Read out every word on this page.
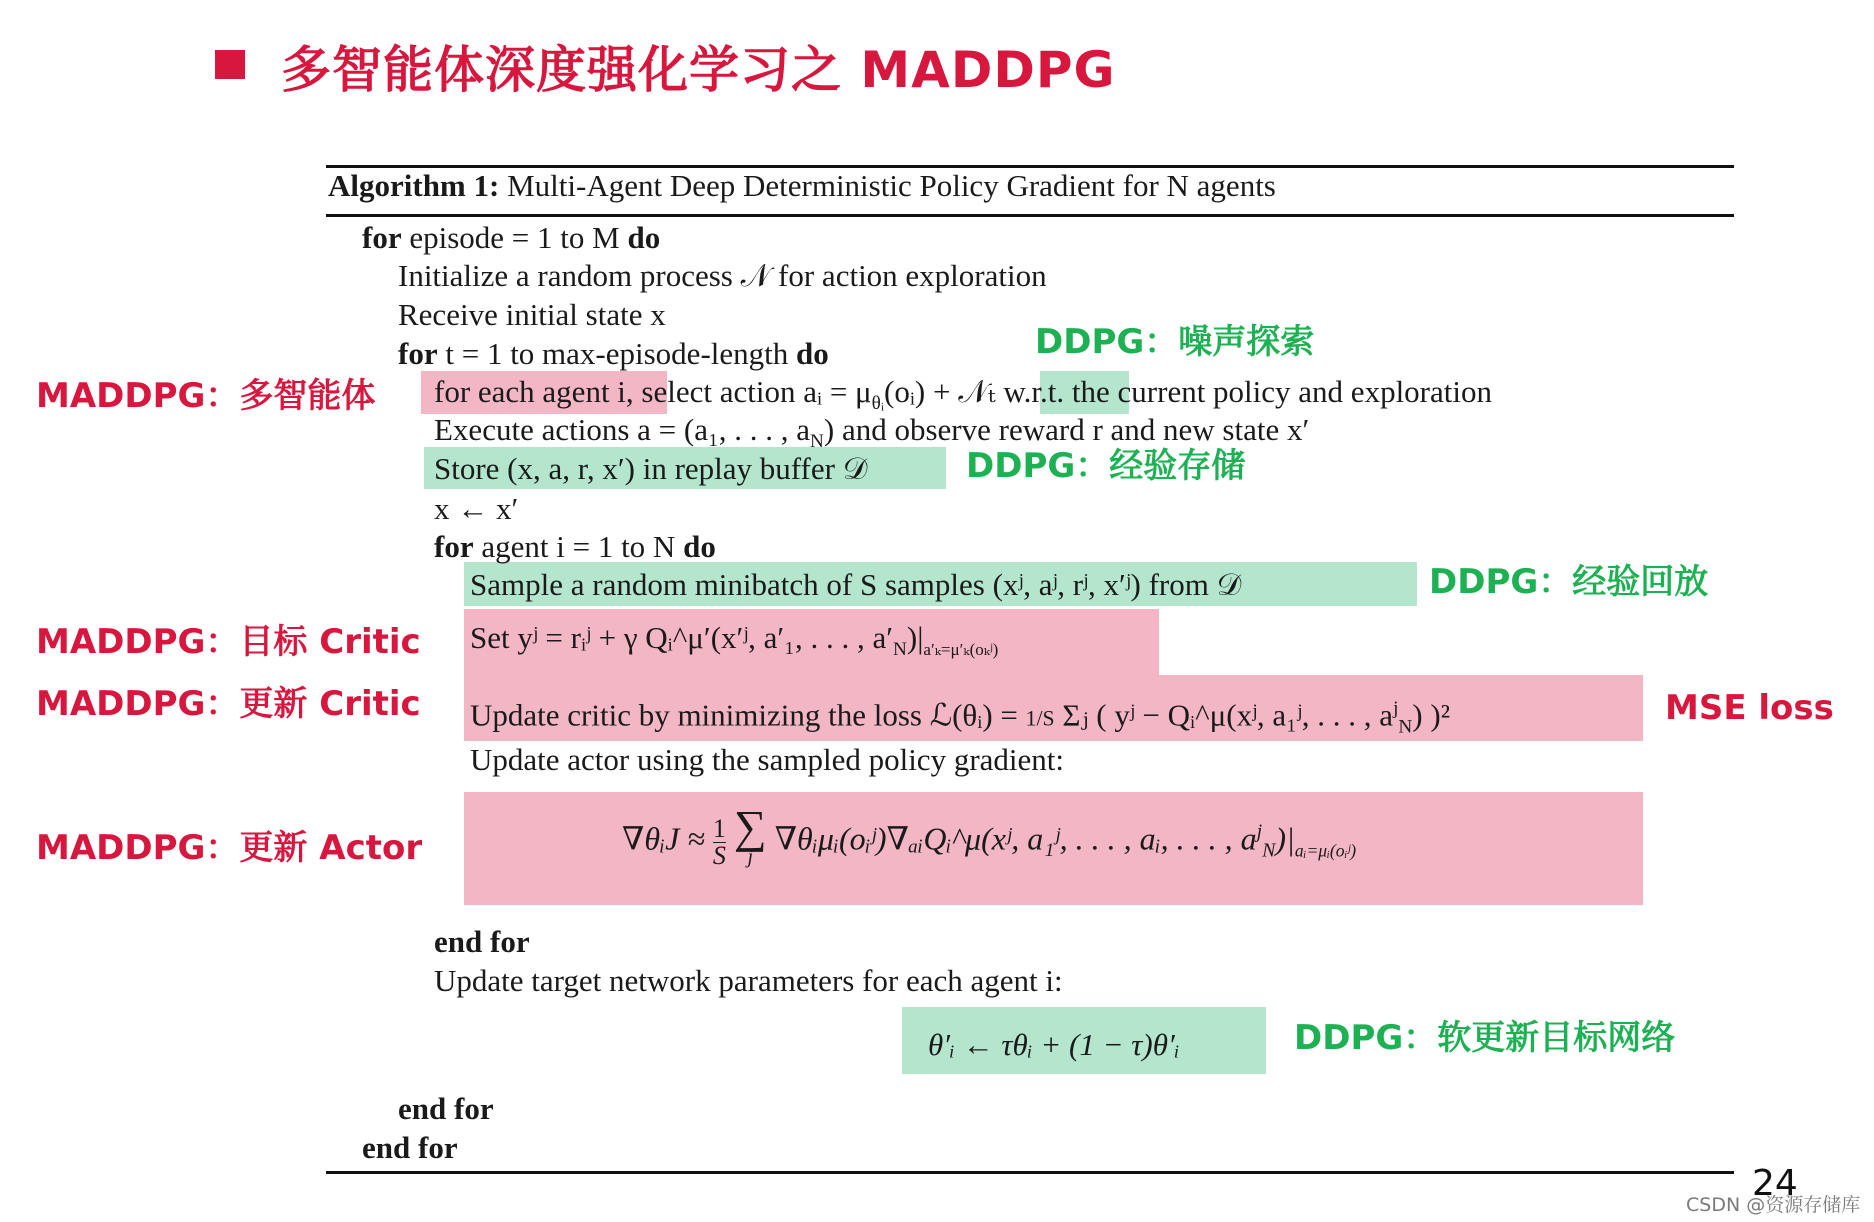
多智能体深度强化学习之 MADDPG
Algorithm 1: Multi-Agent Deep Deterministic Policy Gradient for N agents
for episode = 1 to M do
Initialize a random process 𝒩 for action exploration
Receive initial state x
for t = 1 to max-episode-length do
for each agent i, select action aᵢ = $\mu_{\theta ᵢ}(oᵢ)$ + 𝒩ₜ w.r.t. the current policy and exploration
Execute actions a = (a₁, . . . , $a_N$) and observe reward r and new state x′
Store (x, a, r, x′) in replay buffer 𝒟
x ← x′
for agent i = 1 to N do
Sample a random minibatch of S samples (xʲ, aʲ, rʲ, x′ʲ) from 𝒟
Set yʲ = rᵢʲ + γ Qᵢ^μ′(x′ʲ, a′₁, . . . , $a'_N)|_{a'_k=\mu'_k(o_kʲ)}$
Update critic by minimizing the loss ℒ(θᵢ) = 1/S Σⱼ ( yʲ − Qᵢ^μ(xʲ, a₁ʲ, . . . , $a^j_N$) )²
Update actor using the sampled policy gradient:
∇θᵢJ ≈ $\frac{1}{S}$
∑
j
∇θᵢμᵢ(oᵢʲ)∇ₐᵢQᵢ^μ(xʲ, a₁ʲ, . . . , aᵢ, . . . , $a^j_N)|_{aᵢ=\mu ᵢ(oᵢʲ)}$
end for
Update target network parameters for each agent i:
θ′ᵢ ← τθᵢ + (1 − τ)θ′ᵢ
end for
end for
MADDPG：多智能体
DDPG：噪声探索
DDPG：经验存储
DDPG：经验回放
MADDPG：目标 Critic
MADDPG：更新 Critic	MSE loss
MADDPG：更新 Actor
DDPG：软更新目标网络
24
CSDN @资源存储库
